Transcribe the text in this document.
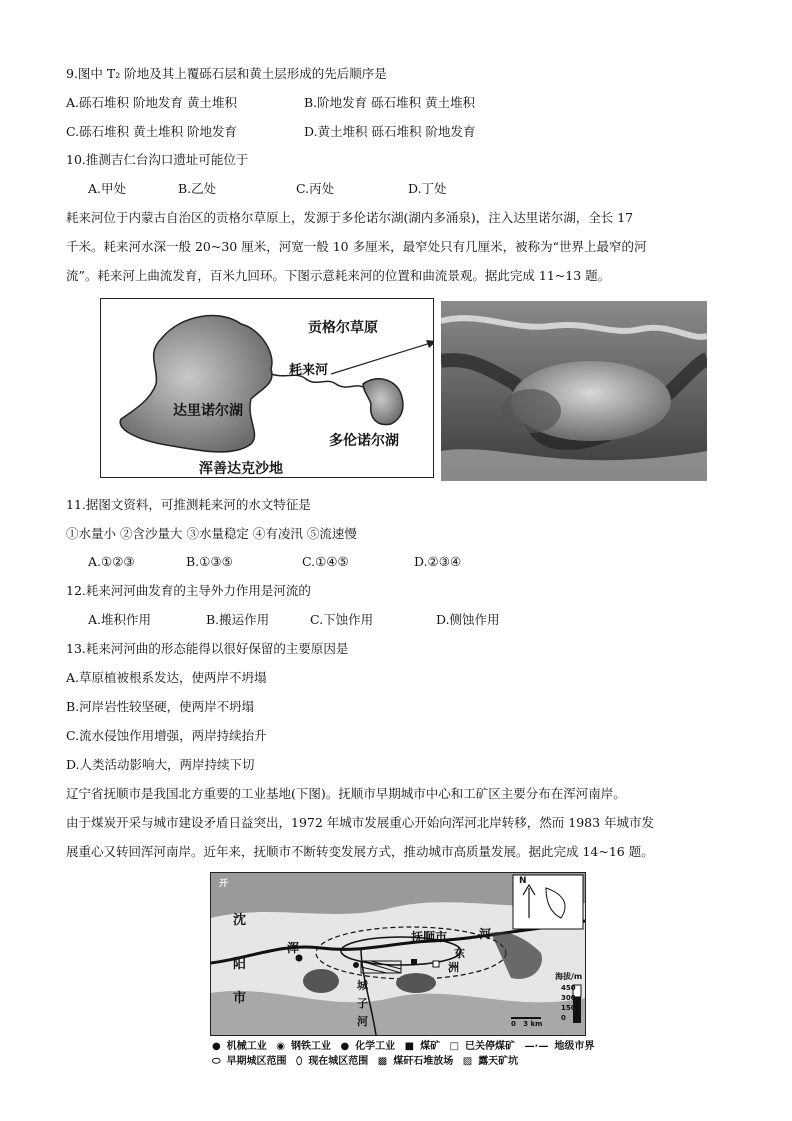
9.图中 T₂ 阶地及其上覆砾石层和黄土层形成的先后顺序是
A.砾石堆积 阶地发育 黄土堆积	B.阶地发育 砾石堆积 黄土堆积
C.砾石堆积 黄土堆积 阶地发育	D.黄土堆积 砾石堆积 阶地发育
10.推测吉仁台沟口遗址可能位于
A.甲处	B.乙处	C.丙处	D.丁处
耗来河位于内蒙古自治区的贡格尔草原上，发源于多伦诺尔湖(湖内多涌泉)，注入达里诺尔湖，全长 17
千米。耗来河水深一般 20~30 厘米，河宽一般 10 多厘米，最窄处只有几厘米，被称为“世界上最窄的河
流”。耗来河上曲流发育，百米九回环。下图示意耗来河的位置和曲流景观。据此完成 11~13 题。
贡格尔草原
耗来河
达里诺尔湖
多伦诺尔湖
浑善达克沙地
11.据图文资料，可推测耗来河的水文特征是
①水量小 ②含沙量大 ③水量稳定 ④有凌汛 ⑤流速慢
A.①②③	B.①③⑤	C.①④⑤	D.②③④
12.耗来河河曲发育的主导外力作用是河流的
A.堆积作用	B.搬运作用	C.下蚀作用	D.侧蚀作用
13.耗来河河曲的形态能得以很好保留的主要原因是
A.草原植被根系发达，使两岸不坍塌
B.河岸岩性较坚硬，使两岸不坍塌
C.流水侵蚀作用增强，两岸持续抬升
D.人类活动影响大，两岸持续下切
辽宁省抚顺市是我国北方重要的工业基地(下图)。抚顺市早期城市中心和工矿区主要分布在浑河南岸。
由于煤炭开采与城市建设矛盾日益突出，1972 年城市发展重心开始向浑河北岸转移，然而 1983 年城市发
展重心又转回浑河南岸。近年来，抚顺市不断转变发展方式，推动城市高质量发展。据此完成 14~16 题。
开
沈
浑
抚顺市	河
阳
市
东
洲
城
子
河
N
海拔/m
450
300
150
0
0   3 km
● 机械工业 ◉ 钢铁工业 ● 化学工业 ■ 煤矿 □ 已关停煤矿 —·— 地级市界
⬭ 早期城区范围 ⬯ 现在城区范围 ▩ 煤矸石堆放场 ▨ 露天矿坑
